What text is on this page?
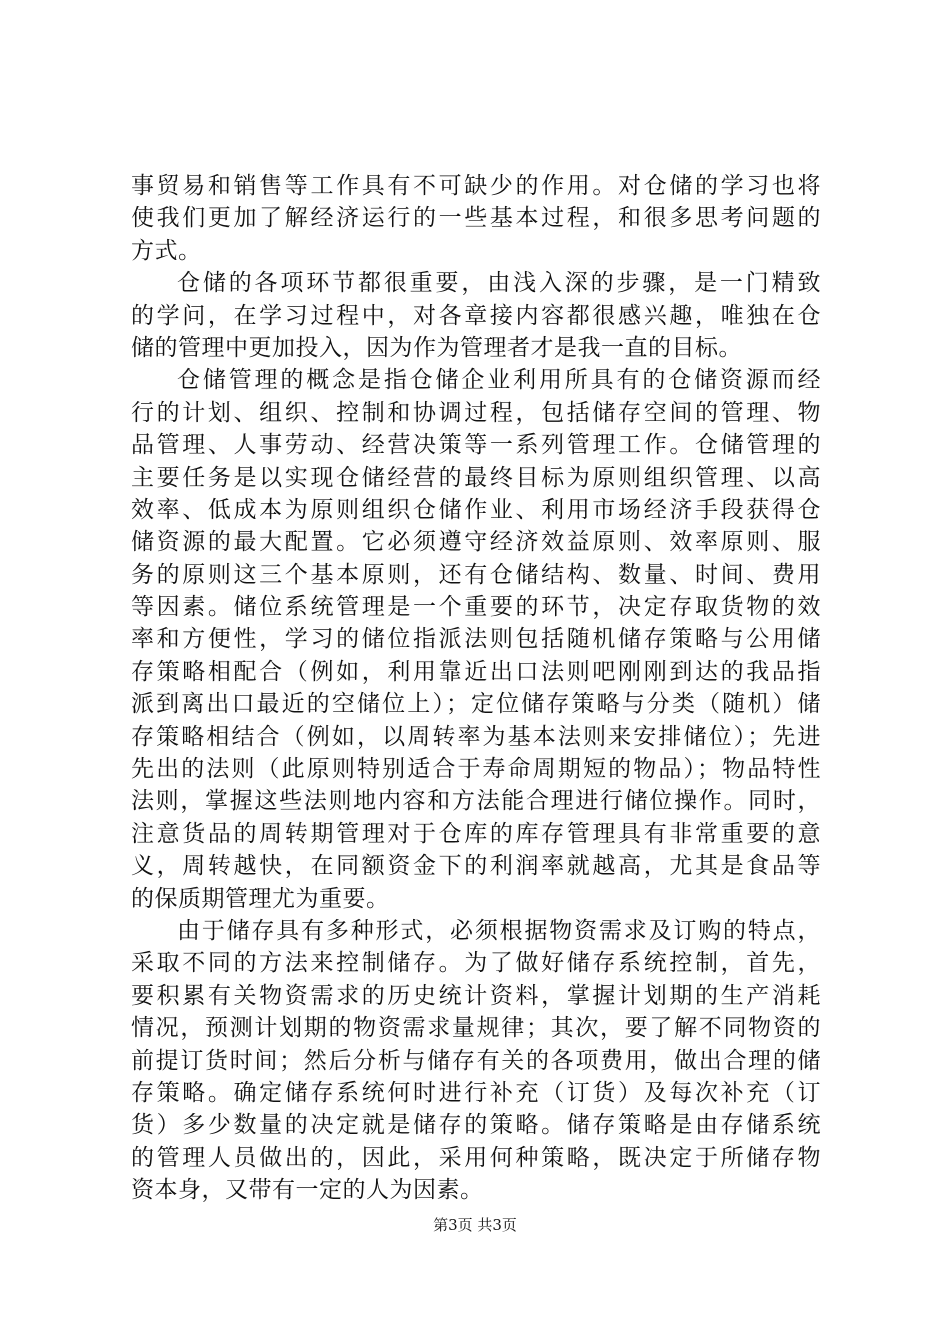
事贸易和销售等工作具有不可缺少的作用。对仓储的学习也将
使我们更加了解经济运行的一些基本过程，和很多思考问题的
方式。
仓储的各项环节都很重要，由浅入深的步骤，是一门精致
的学问，在学习过程中，对各章接内容都很感兴趣，唯独在仓
储的管理中更加投入，因为作为管理者才是我一直的目标。
仓储管理的概念是指仓储企业利用所具有的仓储资源而经
行的计划、组织、控制和协调过程，包括储存空间的管理、物
品管理、人事劳动、经营决策等一系列管理工作。仓储管理的
主要任务是以实现仓储经营的最终目标为原则组织管理、以高
效率、低成本为原则组织仓储作业、利用市场经济手段获得仓
储资源的最大配置。它必须遵守经济效益原则、效率原则、服
务的原则这三个基本原则，还有仓储结构、数量、时间、费用
等因素。储位系统管理是一个重要的环节，决定存取货物的效
率和方便性，学习的储位指派法则包括随机储存策略与公用储
存策略相配合（例如，利用靠近出口法则吧刚刚到达的我品指
派到离出口最近的空储位上）；定位储存策略与分类（随机）储
存策略相结合（例如，以周转率为基本法则来安排储位）；先进
先出的法则（此原则特别适合于寿命周期短的物品）；物品特性
法则，掌握这些法则地内容和方法能合理进行储位操作。同时，
注意货品的周转期管理对于仓库的库存管理具有非常重要的意
义，周转越快，在同额资金下的利润率就越高，尤其是食品等
的保质期管理尤为重要。
由于储存具有多种形式，必须根据物资需求及订购的特点，
采取不同的方法来控制储存。为了做好储存系统控制，首先，
要积累有关物资需求的历史统计资料，掌握计划期的生产消耗
情况，预测计划期的物资需求量规律；其次，要了解不同物资的
前提订货时间；然后分析与储存有关的各项费用，做出合理的储
存策略。确定储存系统何时进行补充（订货）及每次补充（订
货）多少数量的决定就是储存的策略。储存策略是由存储系统
的管理人员做出的，因此，采用何种策略，既决定于所储存物
资本身，又带有一定的人为因素。
第3页 共3页
